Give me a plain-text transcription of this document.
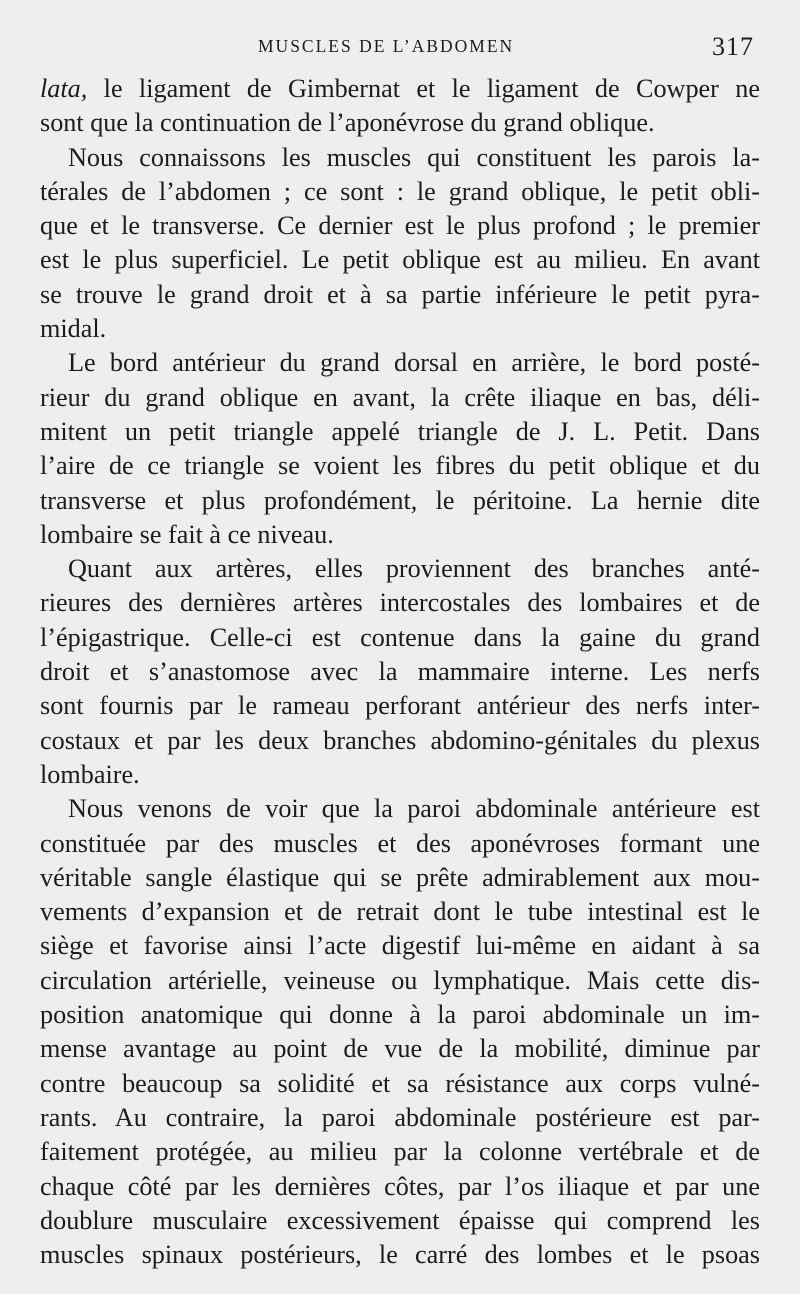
MUSCLES DE L’ABDOMEN	317
lata, le ligament de Gimbernat et le ligament de Cowper ne
sont que la continuation de l’aponévrose du grand oblique.
Nous connaissons les muscles qui constituent les parois la-
térales de l’abdomen ; ce sont : le grand oblique, le petit obli-
que et le transverse. Ce dernier est le plus profond ; le premier
est le plus superficiel. Le petit oblique est au milieu. En avant
se trouve le grand droit et à sa partie inférieure le petit pyra-
midal.
Le bord antérieur du grand dorsal en arrière, le bord posté-
rieur du grand oblique en avant, la crête iliaque en bas, déli-
mitent un petit triangle appelé triangle de J. L. Petit. Dans
l’aire de ce triangle se voient les fibres du petit oblique et du
transverse et plus profondément, le péritoine. La hernie dite
lombaire se fait à ce niveau.
Quant aux artères, elles proviennent des branches anté-
rieures des dernières artères intercostales des lombaires et de
l’épigastrique. Celle-ci est contenue dans la gaine du grand
droit et s’anastomose avec la mammaire interne. Les nerfs
sont fournis par le rameau perforant antérieur des nerfs inter-
costaux et par les deux branches abdomino-génitales du plexus
lombaire.
Nous venons de voir que la paroi abdominale antérieure est
constituée par des muscles et des aponévroses formant une
véritable sangle élastique qui se prête admirablement aux mou-
vements d’expansion et de retrait dont le tube intestinal est le
siège et favorise ainsi l’acte digestif lui-même en aidant à sa
circulation artérielle, veineuse ou lymphatique. Mais cette dis-
position anatomique qui donne à la paroi abdominale un im-
mense avantage au point de vue de la mobilité, diminue par
contre beaucoup sa solidité et sa résistance aux corps vulné-
rants. Au contraire, la paroi abdominale postérieure est par-
faitement protégée, au milieu par la colonne vertébrale et de
chaque côté par les dernières côtes, par l’os iliaque et par une
doublure musculaire excessivement épaisse qui comprend les
muscles spinaux postérieurs, le carré des lombes et le psoas
